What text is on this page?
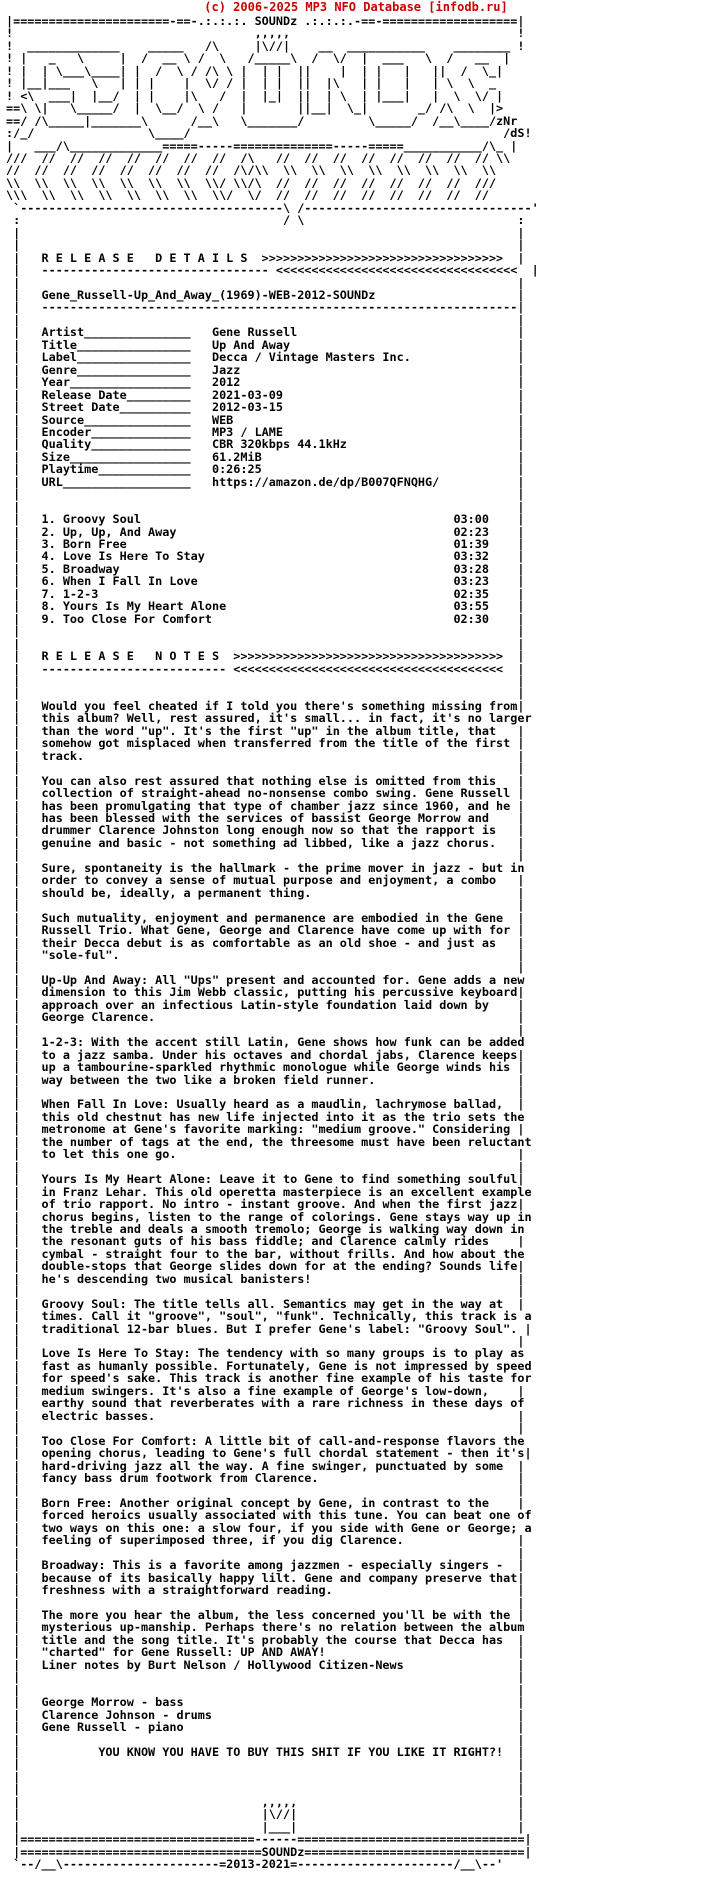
(c) 2006-2025 MP3 NFO Database [infodb.ru]
|======================-==-.:.:.:. SOUNDz .:.:.:.-==-===================|
!                                  ,,,,,                                !
!  _____________    _____   /\     |\//|    __  ___________    ________ !
! |   _   \     |  /  __ \ /  \   /_____\  /  \/  |  ___   \  /   __  |
! |  | \___\____| |  /  \ / /\ \ |  | |  ||    |  | |   |   ||  /  \_|
! |__|___   \   | | |    |  \/ / |  | |  ||  |\   | |   |   | \  \  _
! <\  ___|  |__/  | |    |\   /  |  |_|  ||  | \  | |___|   |  \  \/ |
==\ \|   \_____/  |  \__/  \ /   |       ||__|  \_|       _/ /\  \  |>
==/ /\_____|_______\      /__\   \_______/         \_____/  /__\____/zNr
:/_/                \____/                                            /dS!
|   ___/\_____________=====-----==============-----=====___________/\_ |
///  //  //  //  //  //  //  //  /\   //  //  //  //  //  //  //  // \\
//  //  //  //  //  //  //  //  /\/\\  \\  \\  \\  \\  \\  \\  \\  \\
\\  \\  \\  \\  \\  \\  \\  \\/ \\/\  //  //  //  //  //  //  //  ///
\\\  \\  \\  \\  \\  \\  \\  \\/  \/  //  //  //  //  //  //  //  //
`-------------------------------------\ /--------------------------------'
:                                     / \                              :
|                                                                      |
|                                                                      |
|   R E L E A S E   D E T A I L S  >>>>>>>>>>>>>>>>>>>>>>>>>>>>>>>>>>  |
|   -------------------------------- <<<<<<<<<<<<<<<<<<<<<<<<<<<<<<<<<<  |
|                                                                      |
|   Gene_Russell-Up_And_Away_(1969)-WEB-2012-SOUNDz                    |
|   -------------------------------------------------------------------|
|                                                                      |
|   Artist_______________   Gene Russell                               |
|   Title________________   Up And Away                                |
|   Label________________   Decca / Vintage Masters Inc.               |
|   Genre________________   Jazz                                       |
|   Year_________________   2012                                       |
|   Release Date_________   2021-03-09                                 |
|   Street Date__________   2012-03-15                                 |
|   Source_______________   WEB                                        |
|   Encoder______________   MP3 / LAME                                 |
|   Quality______________   CBR 320kbps 44.1kHz                        |
|   Size_________________   61.2MiB                                    |
|   Playtime_____________   0:26:25                                    |
|   URL__________________   https://amazon.de/dp/B007QFNQHG/           |
|                                                                      |
|                                                                      |
|   1. Groovy Soul                                            03:00    |
|   2. Up, Up, And Away                                       02:23    |
|   3. Born Free                                              01:39    |
|   4. Love Is Here To Stay                                   03:32    |
|   5. Broadway                                               03:28    |
|   6. When I Fall In Love                                    03:23    |
|   7. 1-2-3                                                  02:35    |
|   8. Yours Is My Heart Alone                                03:55    |
|   9. Too Close For Comfort                                  02:30    |
|                                                                      |
|                                                                      |
|   R E L E A S E   N O T E S  >>>>>>>>>>>>>>>>>>>>>>>>>>>>>>>>>>>>>>  |
|   -------------------------- <<<<<<<<<<<<<<<<<<<<<<<<<<<<<<<<<<<<<<  |
|                                                                      |
|                                                                      |
|   Would you feel cheated if I told you there's something missing from|
|   this album? Well, rest assured, it's small... in fact, it's no larger
|   than the word "up". It's the first "up" in the album title, that   |
|   somehow got misplaced when transferred from the title of the first |
|   track.                                                             |
|                                                                      |
|   You can also rest assured that nothing else is omitted from this   |
|   collection of straight-ahead no-nonsense combo swing. Gene Russell |
|   has been promulgating that type of chamber jazz since 1960, and he |
|   has been blessed with the services of bassist George Morrow and    |
|   drummer Clarence Johnston long enough now so that the rapport is   |
|   genuine and basic - not something ad libbed, like a jazz chorus.   |
|                                                                      |
|   Sure, spontaneity is the hallmark - the prime mover in jazz - but in
|   order to convey a sense of mutual purpose and enjoyment, a combo   |
|   should be, ideally, a permanent thing.                             |
|                                                                      |
|   Such mutuality, enjoyment and permanence are embodied in the Gene  |
|   Russell Trio. What Gene, George and Clarence have come up with for |
|   their Decca debut is as comfortable as an old shoe - and just as   |
|   "sole-ful".                                                        |
|                                                                      |
|   Up-Up And Away: All "Ups" present and accounted for. Gene adds a new
|   dimension to this Jim Webb classic, putting his percussive keyboard|
|   approach over an infectious Latin-style foundation laid down by    |
|   George Clarence.                                                   |
|                                                                      |
|   1-2-3: With the accent still Latin, Gene shows how funk can be added
|   to a jazz samba. Under his octaves and chordal jabs, Clarence keeps|
|   up a tambourine-sparkled rhythmic monologue while George winds his |
|   way between the two like a broken field runner.                    |
|                                                                      |
|   When Fall In Love: Usually heard as a maudlin, lachrymose ballad,  |
|   this old chestnut has new life injected into it as the trio sets the
|   metronome at Gene's favorite marking: "medium groove." Considering |
|   the number of tags at the end, the threesome must have been reluctant
|   to let this one go.                                                |
|                                                                      |
|   Yours Is My Heart Alone: Leave it to Gene to find something soulful|
|   in Franz Lehar. This old operetta masterpiece is an excellent example
|   of trio rapport. No intro - instant groove. And when the first jazz|
|   chorus begins, listen to the range of colorings. Gene stays way up in
|   the treble and deals a smooth tremolo; George is walking way down in
|   the resonant guts of his bass fiddle; and Clarence calmly rides    |
|   cymbal - straight four to the bar, without frills. And how about the
|   double-stops that George slides down for at the ending? Sounds life|
|   he's descending two musical banisters!                             |
|                                                                      |
|   Groovy Soul: The title tells all. Semantics may get in the way at  |
|   times. Call it "groove", "soul", "funk". Technically, this track is a
|   traditional 12-bar blues. But I prefer Gene's label: "Groovy Soul". |
|                                                                      |
|   Love Is Here To Stay: The tendency with so many groups is to play as
|   fast as humanly possible. Fortunately, Gene is not impressed by speed
|   for speed's sake. This track is another fine example of his taste for
|   medium swingers. It's also a fine example of George's low-down,    |
|   earthy sound that reverberates with a rare richness in these days of
|   electric basses.                                                   |
|                                                                      |
|   Too Close For Comfort: A little bit of call-and-response flavors the
|   opening chorus, leading to Gene's full chordal statement - then it's|
|   hard-driving jazz all the way. A fine swinger, punctuated by some  |
|   fancy bass drum footwork from Clarence.                            |
|                                                                      |
|   Born Free: Another original concept by Gene, in contrast to the    |
|   forced heroics usually associated with this tune. You can beat one of
|   two ways on this one: a slow four, if you side with Gene or George; a
|   feeling of superimposed three, if you dig Clarence.                |
|                                                                      |
|   Broadway: This is a favorite among jazzmen - especially singers -  |
|   because of its basically happy lilt. Gene and company preserve that|
|   freshness with a straightforward reading.                          |
|                                                                      |
|   The more you hear the album, the less concerned you'll be with the |
|   mysterious up-manship. Perhaps there's no relation between the album
|   title and the song title. It's probably the course that Decca has  |
|   "charted" for Gene Russell: UP AND AWAY!                           |
|   Liner notes by Burt Nelson / Hollywood Citizen-News                |
|                                                                      |
|                                                                      |
|   George Morrow - bass                                               |
|   Clarence Johnson - drums                                           |
|   Gene Russell - piano                                               |
|                                                                      |
|           YOU KNOW YOU HAVE TO BUY THIS SHIT IF YOU LIKE IT RIGHT?!  |
|                                                                      |
|                                                                      |
|                                                                      |
|                                  ,,,,,                               |
|                                  |\//|                               |
|                                  |___|                               |
|=================================------================================|
|==================================SOUNDz===============================|
`--/__\----------------------=2013-2021=----------------------/__\--'
